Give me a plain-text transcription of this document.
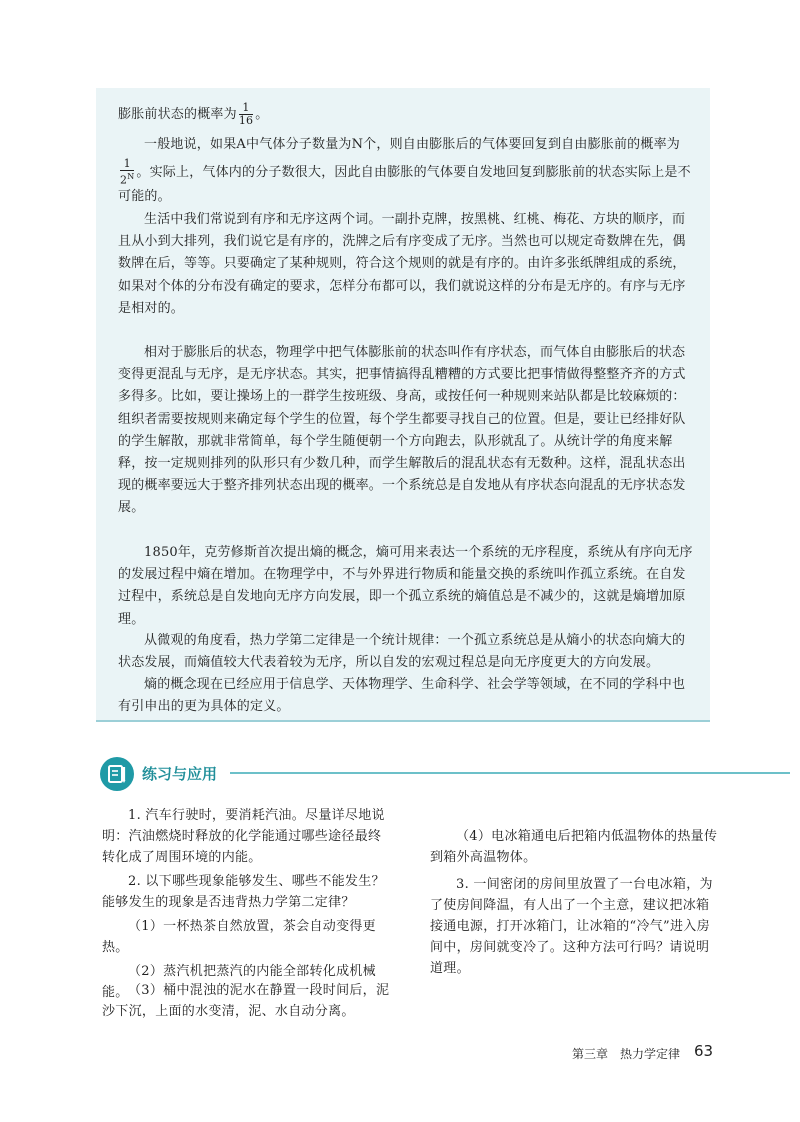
膨胀前状态的概率为 $\frac{1}{16}$ 。

一般地说，如果A中气体分子数量为N个，则自由膨胀后的气体要回复到自由膨胀前的概率为

$\frac{1}{2^N}$ 。实际上，气体内的分子数很大，因此自由膨胀的气体要自发地回复到膨胀前的状态实际上是不可能的。

生活中我们常说到有序和无序这两个词。一副扑克牌，按黑桃、红桃、梅花、方块的顺序，而且从小到大排列，我们说它是有序的，洗牌之后有序变成了无序。当然也可以规定奇数牌在先，偶数牌在后，等等。只要确定了某种规则，符合这个规则的就是有序的。由许多张纸牌组成的系统，如果对个体的分布没有确定的要求，怎样分布都可以，我们就说这样的分布是无序的。有序与无序是相对的。

相对于膨胀后的状态，物理学中把气体膨胀前的状态叫作有序状态，而气体自由膨胀后的状态变得更混乱与无序，是无序状态。其实，把事情搞得乱糟糟的方式要比把事情做得整整齐齐的方式多得多。比如，要让操场上的一群学生按班级、身高，或按任何一种规则来站队都是比较麻烦的：组织者需要按规则来确定每个学生的位置，每个学生都要寻找自己的位置。但是，要让已经排好队的学生解散，那就非常简单，每个学生随便朝一个方向跑去，队形就乱了。从统计学的角度来解释，按一定规则排列的队形只有少数几种，而学生解散后的混乱状态有无数种。这样，混乱状态出现的概率要远大于整齐排列状态出现的概率。一个系统总是自发地从有序状态向混乱的无序状态发展。

1850年，克劳修斯首次提出熵的概念，熵可用来表达一个系统的无序程度，系统从有序向无序的发展过程中熵在增加。在物理学中，不与外界进行物质和能量交换的系统叫作孤立系统。在自发过程中，系统总是自发地向无序方向发展，即一个孤立系统的熵值总是不减少的，这就是熵增加原理。

从微观的角度看，热力学第二定律是一个统计规律：一个孤立系统总是从熵小的状态向熵大的状态发展，而熵值较大代表着较为无序，所以自发的宏观过程总是向无序度更大的方向发展。

熵的概念现在已经应用于信息学、天体物理学、生命科学、社会学等领域，在不同的学科中也有引申出的更为具体的定义。

练习与应用

1. 汽车行驶时，要消耗汽油。尽量详尽地说明：汽油燃烧时释放的化学能通过哪些途径最终转化成了周围环境的内能。

2. 以下哪些现象能够发生、哪些不能发生？能够发生的现象是否违背热力学第二定律？

（1）一杯热茶自然放置，茶会自动变得更热。

（2）蒸汽机把蒸汽的内能全部转化成机械能。 （3）桶中混浊的泥水在静置一段时间后，泥沙下沉，上面的水变清，泥、水自动分离。

（4）电冰箱通电后把箱内低温物体的热量传到箱外高温物体。

3. 一间密闭的房间里放置了一台电冰箱，为了使房间降温，有人出了一个主意，建议把冰箱接通电源，打开冰箱门，让冰箱的“冷气”进入房间中，房间就变冷了。这种方法可行吗？请说明道理。

第三章　热力学定律 63
